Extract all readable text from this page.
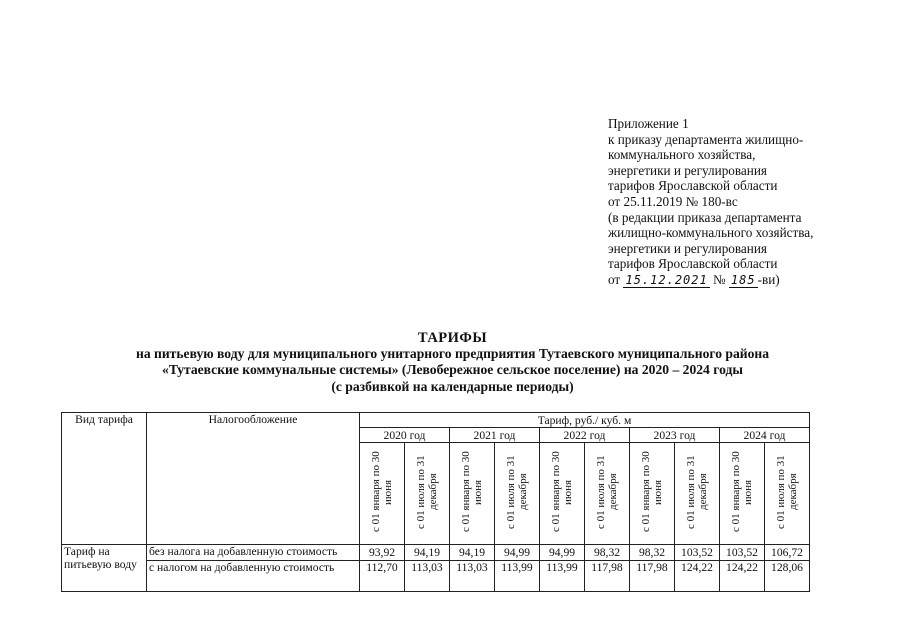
Приложение 1
к приказу департамента жилищно-
коммунального хозяйства,
энергетики и регулирования
тарифов Ярославской области
от 25.11.2019 № 180-вс
(в редакции приказа департамента
жилищно-коммунального хозяйства,
энергетики и регулирования
тарифов Ярославской области
от 15.12.2021 № 185 -ви)
ТАРИФЫ
на питьевую воду для муниципального унитарного предприятия Тутаевского муниципального района
«Тутаевские коммунальные системы» (Левобережное сельское поселение) на 2020 – 2024 годы
(с разбивкой на календарные периоды)
Вид тарифа	Налогообложение	Тариф, руб./ куб. м									
		2020 год		2021 год		2022 год		2023 год		2024 год	
		с 01 января по 30 июня	с 01 июля по 31 декабря	с 01 января по 30 июня	с 01 июля по 31 декабря	с 01 января по 30 июня	с 01 июля по 31 декабря	с 01 января по 30 июня	с 01 июля по 31 декабря	с 01 января по 30 июня	с 01 июля по 31 декабря
Тариф на питьевую воду	без налога на добавленную стоимость	93,92	94,19	94,19	94,99	94,99	98,32	98,32	103,52	103,52	106,72
	с налогом на добавленную стоимость	112,70	113,03	113,03	113,99	113,99	117,98	117,98	124,22	124,22	128,06
